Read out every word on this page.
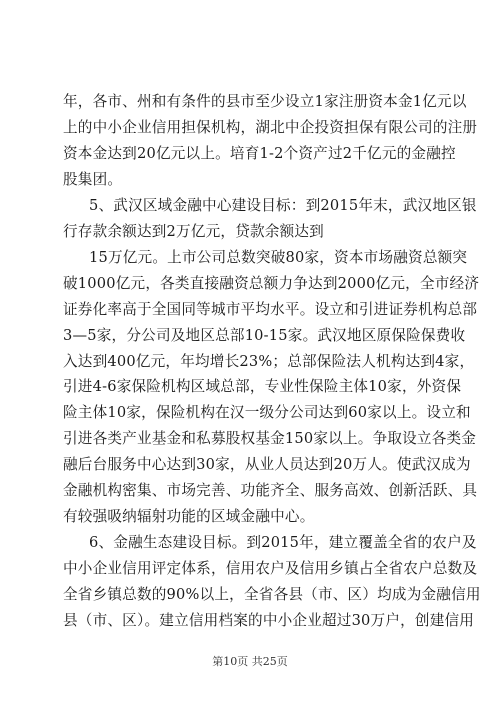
年，各市、州和有条件的县市至少设立1家注册资本金1亿元以
上的中小企业信用担保机构，湖北中企投资担保有限公司的注册
资本金达到20亿元以上。培育1-2个资产过2千亿元的金融控
股集团。
5、武汉区域金融中心建设目标：到2015年末，武汉地区银
行存款余额达到2万亿元，贷款余额达到
15万亿元。上市公司总数突破80家，资本市场融资总额突
破1000亿元，各类直接融资总额力争达到2000亿元，全市经济
证券化率高于全国同等城市平均水平。设立和引进证券机构总部
3—5家，分公司及地区总部10-15家。武汉地区原保险保费收
入达到400亿元，年均增长23%；总部保险法人机构达到4家，
引进4-6家保险机构区域总部，专业性保险主体10家，外资保
险主体10家，保险机构在汉一级分公司达到60家以上。设立和
引进各类产业基金和私募股权基金150家以上。争取设立各类金
融后台服务中心达到30家，从业人员达到20万人。使武汉成为
金融机构密集、市场完善、功能齐全、服务高效、创新活跃、具
有较强吸纳辐射功能的区域金融中心。
6、金融生态建设目标。到2015年，建立覆盖全省的农户及
中小企业信用评定体系，信用农户及信用乡镇占全省农户总数及
全省乡镇总数的90%以上，全省各县（市、区）均成为金融信用
县（市、区）。建立信用档案的中小企业超过30万户，创建信用
第10页 共25页
